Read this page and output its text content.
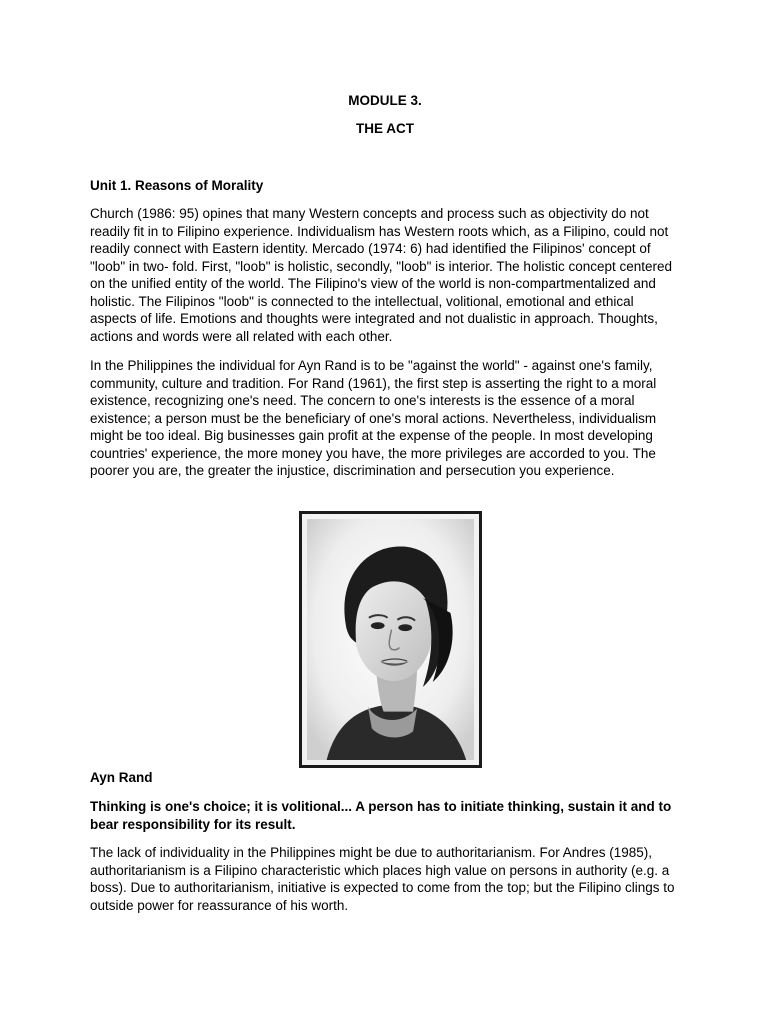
MODULE 3.

THE ACT

Unit 1. Reasons of Morality

Church (1986: 95) opines that many Western concepts and process such as objectivity do not readily fit in to Filipino experience. Individualism has Western roots which, as a Filipino, could not readily connect with Eastern identity. Mercado (1974: 6) had identified the Filipinos' concept of "loob" in two- fold. First, "loob" is holistic, secondly, "loob" is interior. The holistic concept centered on the unified entity of the world. The Filipino's view of the world is non-compartmentalized and holistic. The Filipinos "loob" is connected to the intellectual, volitional, emotional and ethical aspects of life. Emotions and thoughts were integrated and not dualistic in approach. Thoughts, actions and words were all related with each other.

In the Philippines the individual for Ayn Rand is to be "against the world" - against one's family, community, culture and tradition. For Rand (1961), the first step is asserting the right to a moral existence, recognizing one's need. The concern to one's interests is the essence of a moral existence; a person must be the beneficiary of one's moral actions. Nevertheless, individualism might be too ideal. Big businesses gain profit at the expense of the people. In most developing countries' experience, the more money you have, the more privileges are accorded to you. The poorer you are, the greater the injustice, discrimination and persecution you experience.

Ayn Rand

Thinking is one's choice; it is volitional... A person has to initiate thinking, sustain it and to bear responsibility for its result.

The lack of individuality in the Philippines might be due to authoritarianism. For Andres (1985), authoritarianism is a Filipino characteristic which places high value on persons in authority (e.g. a boss). Due to authoritarianism, initiative is expected to come from the top; but the Filipino clings to outside power for reassurance of his worth.
